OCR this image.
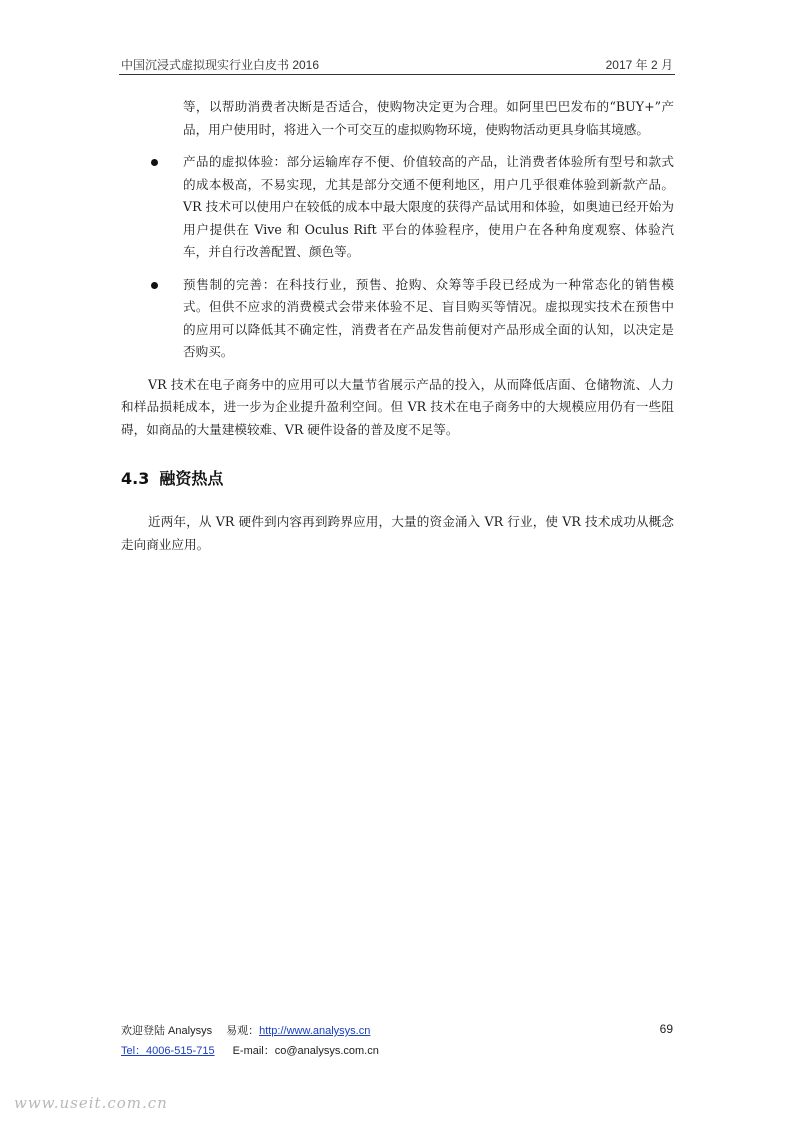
中国沉浸式虚拟现实行业白皮书 2016	2017 年 2 月

等，以帮助消费者决断是否适合，使购物决定更为合理。如阿里巴巴发布的“BUY+”产品，用户使用时，将进入一个可交互的虚拟购物环境，使购物活动更具身临其境感。

产品的虚拟体验：部分运输库存不便、价值较高的产品，让消费者体验所有型号和款式的成本极高，不易实现，尤其是部分交通不便利地区，用户几乎很难体验到新款产品。VR 技术可以使用户在较低的成本中最大限度的获得产品试用和体验，如奥迪已经开始为用户提供在 Vive 和 Oculus Rift 平台的体验程序，使用户在各种角度观察、体验汽车，并自行改善配置、颜色等。

预售制的完善：在科技行业，预售、抢购、众筹等手段已经成为一种常态化的销售模式。但供不应求的消费模式会带来体验不足、盲目购买等情况。虚拟现实技术在预售中的应用可以降低其不确定性，消费者在产品发售前便对产品形成全面的认知，以决定是否购买。

VR 技术在电子商务中的应用可以大量节省展示产品的投入，从而降低店面、仓储物流、人力和样品损耗成本，进一步为企业提升盈利空间。但 VR 技术在电子商务中的大规模应用仍有一些阻碍，如商品的大量建模较难、VR 硬件设备的普及度不足等。

4.3 融资热点

近两年，从 VR 硬件到内容再到跨界应用，大量的资金涌入 VR 行业，使 VR 技术成功从概念走向商业应用。

欢迎登陆 Analysys 易观：http://www.analysys.cn	69
Tel：4006-515-715 E-mail：co@analysys.com.cn
www.useit.com.cn
